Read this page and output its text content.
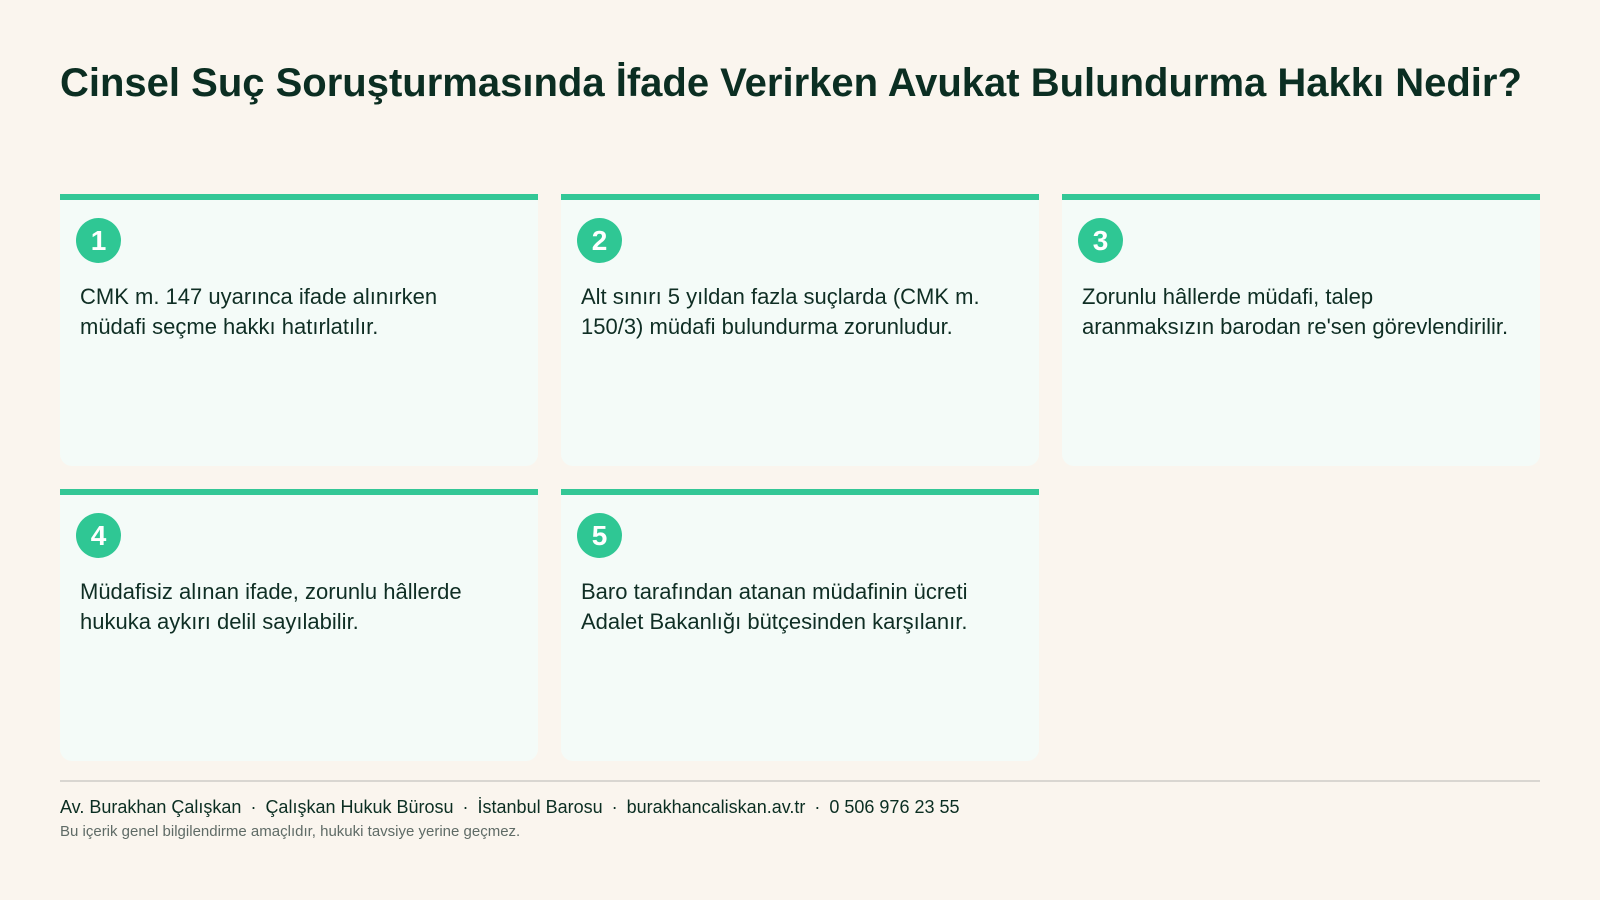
Cinsel Suç Soruşturmasında İfade Verirken Avukat Bulundurma Hakkı Nedir?
1
CMK m. 147 uyarınca ifade alınırken müdafi seçme hakkı hatırlatılır.
2
Alt sınırı 5 yıldan fazla suçlarda (CMK m. 150/3) müdafi bulundurma zorunludur.
3
Zorunlu hâllerde müdafi, talep aranmaksızın barodan re'sen görevlendirilir.
4
Müdafisiz alınan ifade, zorunlu hâllerde hukuka aykırı delil sayılabilir.
5
Baro tarafından atanan müdafinin ücreti Adalet Bakanlığı bütçesinden karşılanır.
Av. Burakhan Çalışkan · Çalışkan Hukuk Bürosu · İstanbul Barosu · burakhancaliskan.av.tr · 0 506 976 23 55
Bu içerik genel bilgilendirme amaçlıdır, hukuki tavsiye yerine geçmez.
